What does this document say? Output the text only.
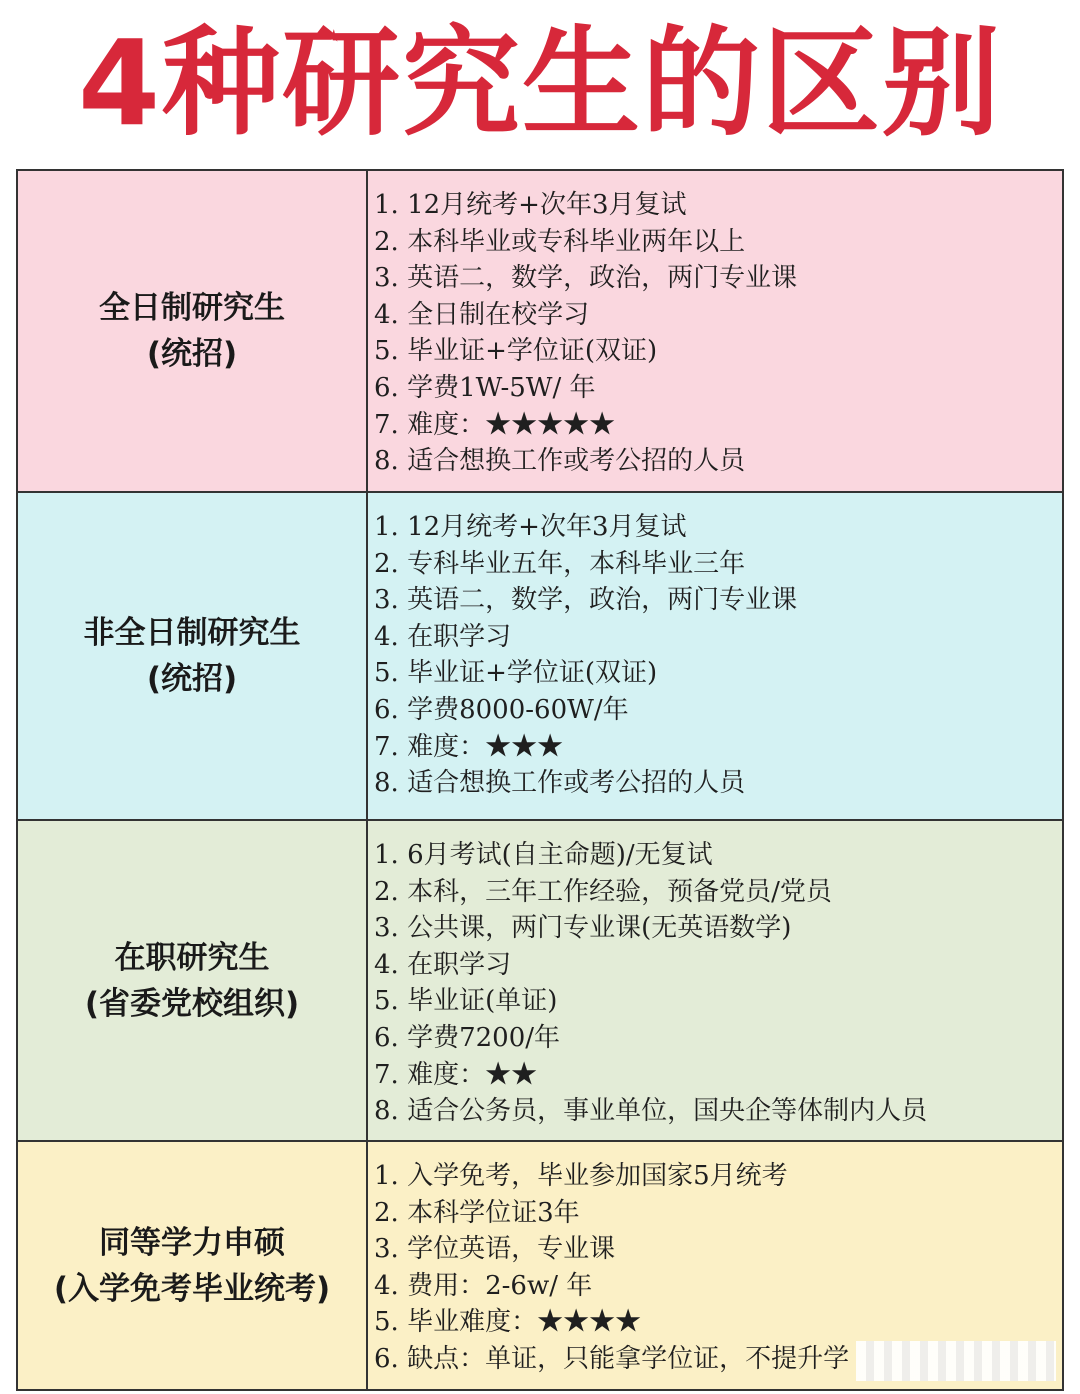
4种研究生的区别
全日制研究生
(统招)
1. 12月统考+次年3月复试
2. 本科毕业或专科毕业两年以上
3. 英语二，数学，政治，两门专业课
4. 全日制在校学习
5. 毕业证+学位证(双证)
6. 学费1W-5W/ 年
7. 难度：★★★★★
8. 适合想换工作或考公招的人员
非全日制研究生
(统招)
1. 12月统考+次年3月复试
2. 专科毕业五年，本科毕业三年
3. 英语二，数学，政治，两门专业课
4. 在职学习
5. 毕业证+学位证(双证)
6. 学费8000-60W/年
7. 难度：★★★
8. 适合想换工作或考公招的人员
在职研究生
(省委党校组织)
1. 6月考试(自主命题)/无复试
2. 本科，三年工作经验，预备党员/党员
3. 公共课，两门专业课(无英语数学)
4. 在职学习
5. 毕业证(单证)
6. 学费7200/年
7. 难度：★★
8. 适合公务员，事业单位，国央企等体制内人员
同等学力申硕
(入学免考毕业统考)
1. 入学免考，毕业参加国家5月统考
2. 本科学位证3年
3. 学位英语，专业课
4. 费用：2-6w/ 年
5. 毕业难度：★★★★
6. 缺点：单证，只能拿学位证，不提升学
